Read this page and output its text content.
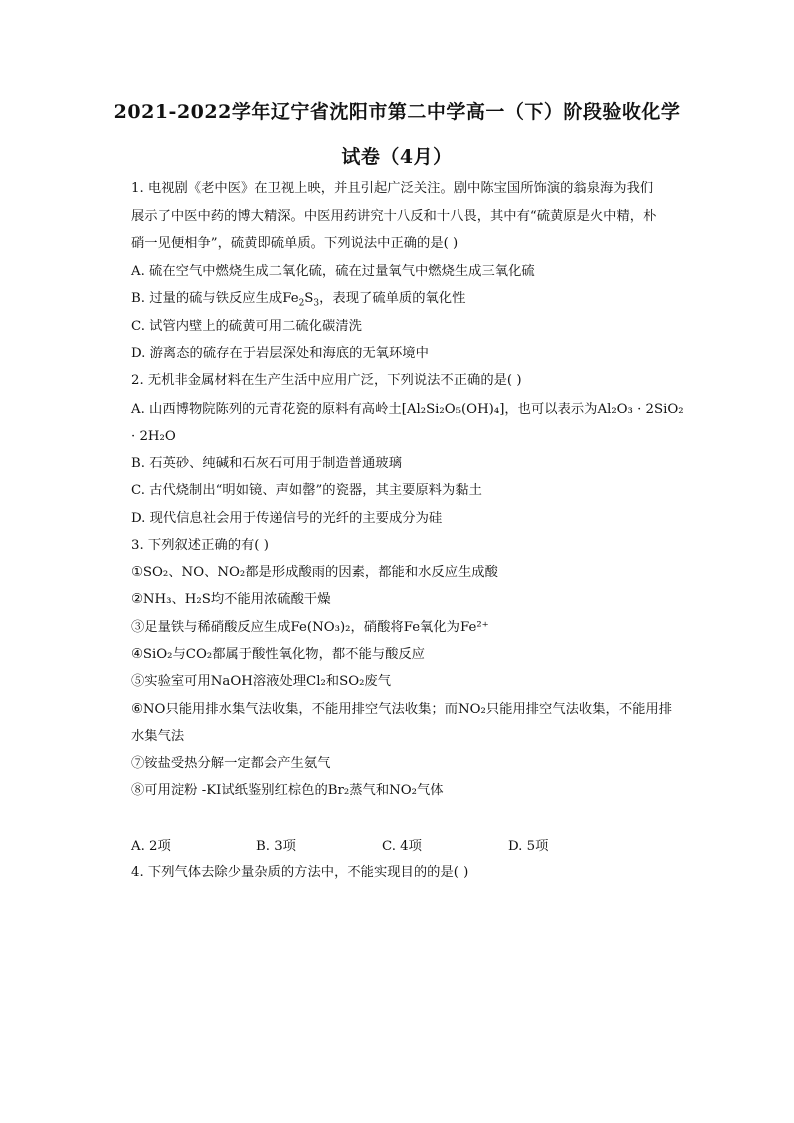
2021-2022学年辽宁省沈阳市第二中学高一（下）阶段验收化学
试卷（4月）
1. 电视剧《老中医》在卫视上映，并且引起广泛关注。剧中陈宝国所饰演的翁泉海为我们
展示了中医中药的博大精深。中医用药讲究十八反和十八畏，其中有“硫黄原是火中精，朴
硝一见便相争”，硫黄即硫单质。下列说法中正确的是( )
A. 硫在空气中燃烧生成二氧化硫，硫在过量氧气中燃烧生成三氧化硫
B. 过量的硫与铁反应生成$Fe_2S_3$，表现了硫单质的氧化性
C. 试管内壁上的硫黄可用二硫化碳清洗
D. 游离态的硫存在于岩层深处和海底的无氧环境中
2. 无机非金属材料在生产生活中应用广泛，下列说法不正确的是( )
A. 山西博物院陈列的元青花瓷的原料有高岭土[Al₂Si₂O₅(OH)₄]，也可以表示为Al₂O₃ · 2SiO₂
· 2H₂O
B. 石英砂、纯碱和石灰石可用于制造普通玻璃
C. 古代烧制出“明如镜、声如罄”的瓷器，其主要原料为黏土
D. 现代信息社会用于传递信号的光纤的主要成分为硅
3. 下列叙述正确的有( )
①SO₂、NO、NO₂都是形成酸雨的因素，都能和水反应生成酸
②NH₃、H₂S均不能用浓硫酸干燥
③足量铁与稀硝酸反应生成Fe(NO₃)₂，硝酸将Fe氧化为Fe²⁺
④SiO₂与CO₂都属于酸性氧化物，都不能与酸反应
⑤实验室可用NaOH溶液处理Cl₂和SO₂废气
⑥NO只能用排水集气法收集，不能用排空气法收集；而NO₂只能用排空气法收集，不能用排
水集气法
⑦铵盐受热分解一定都会产生氨气
⑧可用淀粉 -KI试纸鉴别红棕色的Br₂蒸气和NO₂气体
A. 2项	B. 3项	C. 4项	D. 5项
4. 下列气体去除少量杂质的方法中，不能实现目的的是( )
